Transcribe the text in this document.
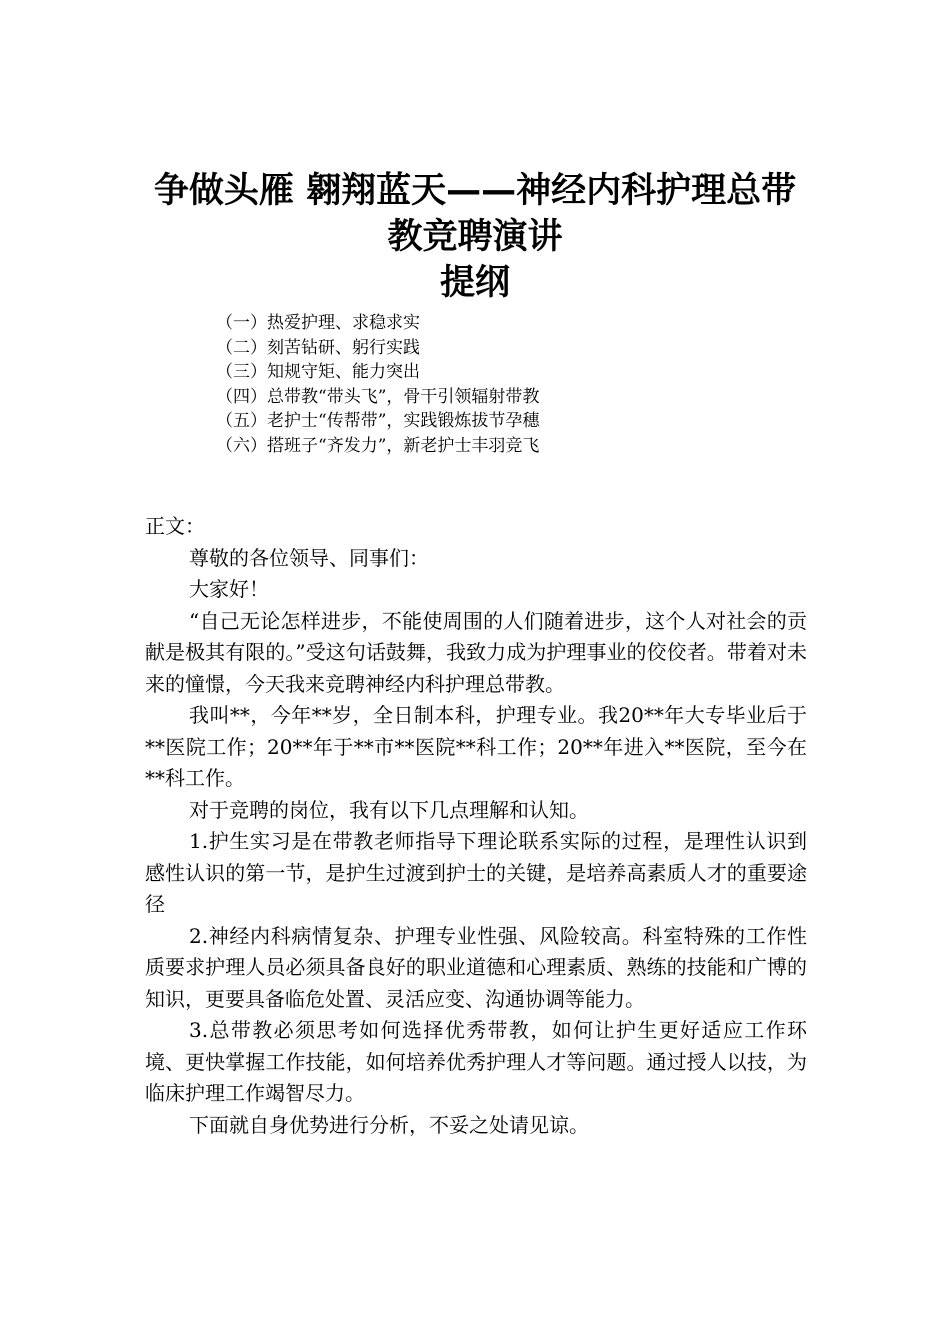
争做头雁 翱翔蓝天——神经内科护理总带
教竞聘演讲
提纲
（一）热爱护理、求稳求实
（二）刻苦钻研、躬行实践
（三）知规守矩、能力突出
（四）总带教“带头飞”，骨干引领辐射带教
（五）老护士“传帮带”，实践锻炼拔节孕穗
（六）搭班子“齐发力”，新老护士丰羽竞飞

正文：

尊敬的各位领导、同事们：

大家好！

“自己无论怎样进步，不能使周围的人们随着进步，这个人对社会的贡献是极其有限的。”受这句话鼓舞，我致力成为护理事业的佼佼者。带着对未来的憧憬，今天我来竞聘神经内科护理总带教。

我叫**，今年**岁，全日制本科，护理专业。我20**年大专毕业后于**医院工作；20**年于**市**医院**科工作；20**年进入**医院，至今在**科工作。

对于竞聘的岗位，我有以下几点理解和认知。

1.护生实习是在带教老师指导下理论联系实际的过程，是理性认识到感性认识的第一节，是护生过渡到护士的关键，是培养高素质人才的重要途径

2.神经内科病情复杂、护理专业性强、风险较高。科室特殊的工作性质要求护理人员必须具备良好的职业道德和心理素质、熟练的技能和广博的知识，更要具备临危处置、灵活应变、沟通协调等能力。

3.总带教必须思考如何选择优秀带教，如何让护生更好适应工作环境、更快掌握工作技能，如何培养优秀护理人才等问题。通过授人以技，为临床护理工作竭智尽力。

下面就自身优势进行分析，不妥之处请见谅。
